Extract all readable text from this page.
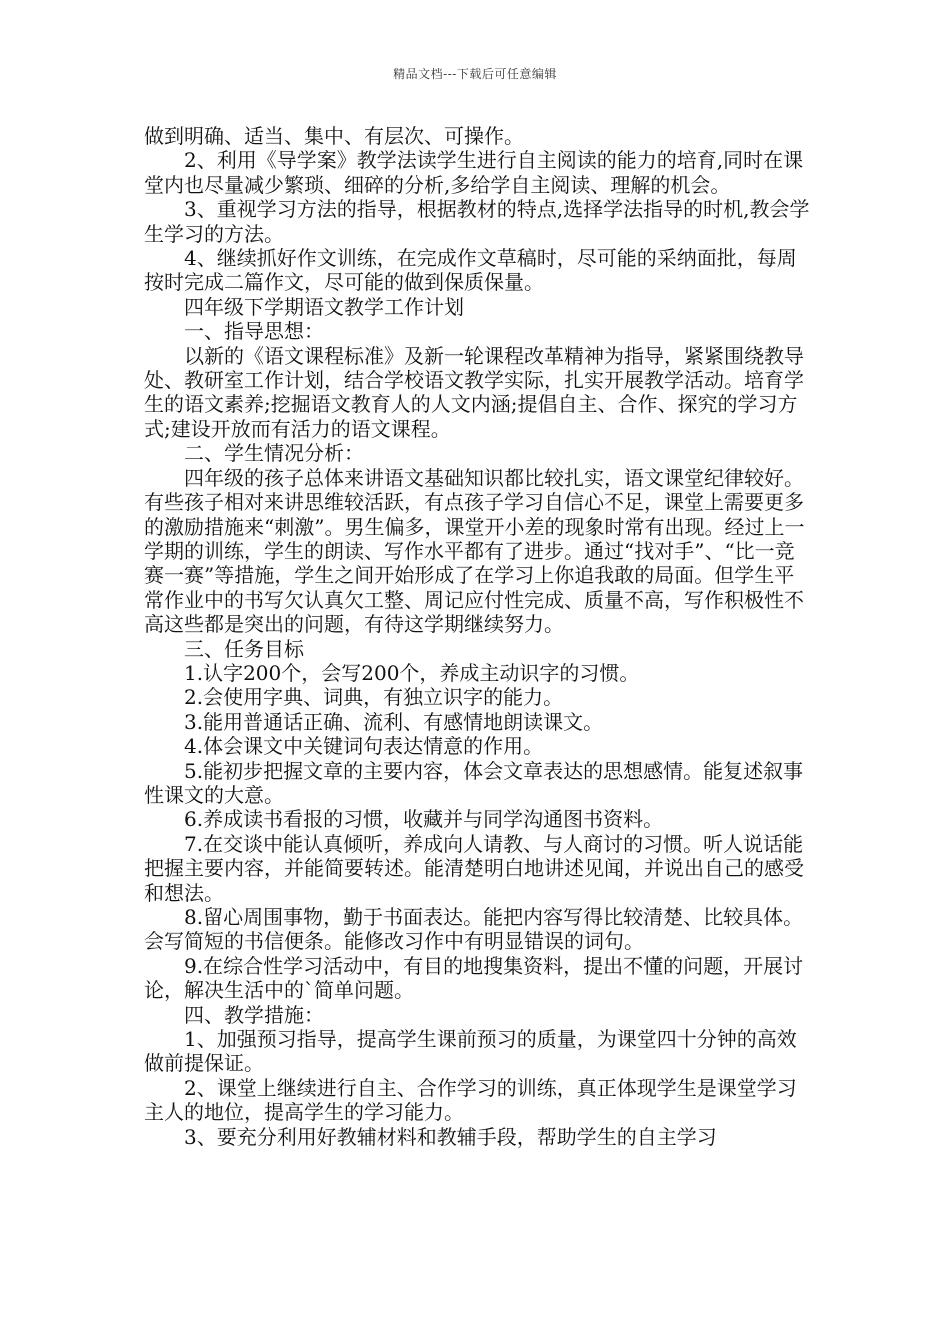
精品文档---下载后可任意编辑

做到明确、适当、集中、有层次、可操作。

2、利用《导学案》教学法读学生进行自主阅读的能力的培育,同时在课堂内也尽量减少繁琐、细碎的分析,多给学自主阅读、理解的机会。

3、重视学习方法的指导，根据教材的特点,选择学法指导的时机,教会学生学习的方法。

4、继续抓好作文训练，在完成作文草稿时，尽可能的采纳面批，每周按时完成二篇作文，尽可能的做到保质保量。

四年级下学期语文教学工作计划

一、指导思想：

以新的《语文课程标准》及新一轮课程改革精神为指导，紧紧围绕教导处、教研室工作计划，结合学校语文教学实际，扎实开展教学活动。培育学生的语文素养;挖掘语文教育人的人文内涵;提倡自主、合作、探究的学习方式;建设开放而有活力的语文课程。

二、学生情况分析：

四年级的孩子总体来讲语文基础知识都比较扎实，语文课堂纪律较好。有些孩子相对来讲思维较活跃，有点孩子学习自信心不足，课堂上需要更多的激励措施来“刺激”。男生偏多，课堂开小差的现象时常有出现。经过上一学期的训练，学生的朗读、写作水平都有了进步。通过“找对手”、“比一竞赛一赛”等措施，学生之间开始形成了在学习上你追我敢的局面。但学生平常作业中的书写欠认真欠工整、周记应付性完成、质量不高，写作积极性不高这些都是突出的问题，有待这学期继续努力。

三、任务目标

1.认字200个，会写200个，养成主动识字的习惯。

2.会使用字典、词典，有独立识字的能力。

3.能用普通话正确、流利、有感情地朗读课文。

4.体会课文中关键词句表达情意的作用。

5.能初步把握文章的主要内容，体会文章表达的思想感情。能复述叙事性课文的大意。

6.养成读书看报的习惯，收藏并与同学沟通图书资料。

7.在交谈中能认真倾听，养成向人请教、与人商讨的习惯。听人说话能把握主要内容，并能简要转述。能清楚明白地讲述见闻，并说出自己的感受和想法。

8.留心周围事物，勤于书面表达。能把内容写得比较清楚、比较具体。会写简短的书信便条。能修改习作中有明显错误的词句。

9.在综合性学习活动中，有目的地搜集资料，提出不懂的问题，开展讨论，解决生活中的`简单问题。

四、教学措施：

1、加强预习指导，提高学生课前预习的质量，为课堂四十分钟的高效做前提保证。

2、课堂上继续进行自主、合作学习的训练，真正体现学生是课堂学习主人的地位，提高学生的学习能力。

3、要充分利用好教辅材料和教辅手段，帮助学生的自主学习
